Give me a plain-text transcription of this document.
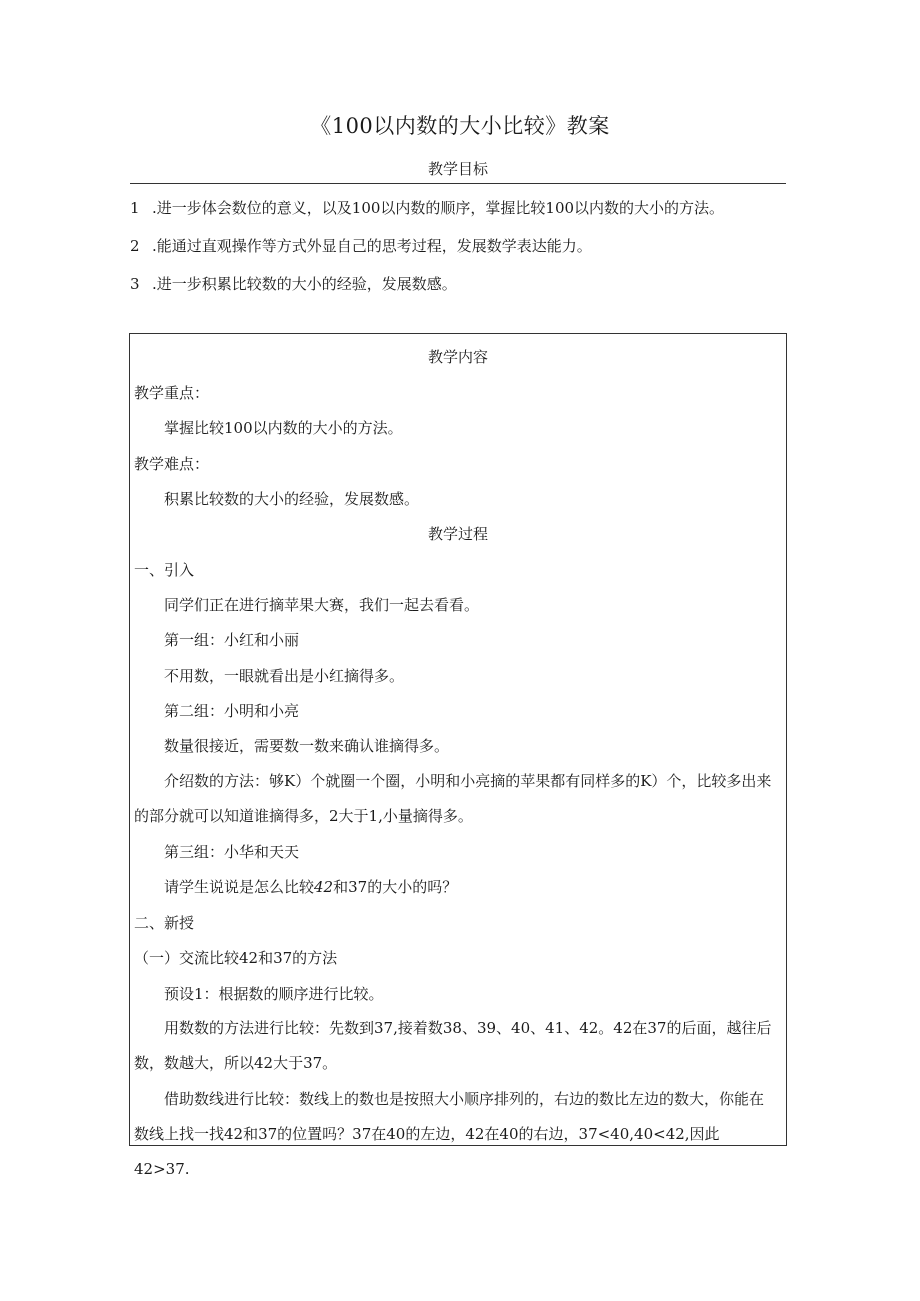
《100以内数的大小比较》教案
教学目标
1 .进一步体会数位的意义，以及100以内数的顺序，掌握比较100以内数的大小的方法。
2 .能通过直观操作等方式外显自己的思考过程，发展数学表达能力。
3 .进一步积累比较数的大小的经验，发展数感。
教学内容
教学重点：
掌握比较100以内数的大小的方法。
教学难点：
积累比较数的大小的经验，发展数感。
教学过程
一、引入
同学们正在进行摘苹果大赛，我们一起去看看。
第一组：小红和小丽
不用数，一眼就看出是小红摘得多。
第二组：小明和小亮
数量很接近，需要数一数来确认谁摘得多。
介绍数的方法：够K）个就圈一个圈，小明和小亮摘的苹果都有同样多的K）个，比较多出来的部分就可以知道谁摘得多，2大于1,小量摘得多。
第三组：小华和天天
请学生说说是怎么比较42和37的大小的吗？
二、新授
（一）交流比较42和37的方法
预设1：根据数的顺序进行比较。
用数数的方法进行比较：先数到37,接着数38、39、40、41、42。42在37的后面，越往后数，数越大，所以42大于37。
借助数线进行比较：数线上的数也是按照大小顺序排列的，右边的数比左边的数大，你能在数线上找一找42和37的位置吗？37在40的左边，42在40的右边，37<40,40<42,因此42>37.
